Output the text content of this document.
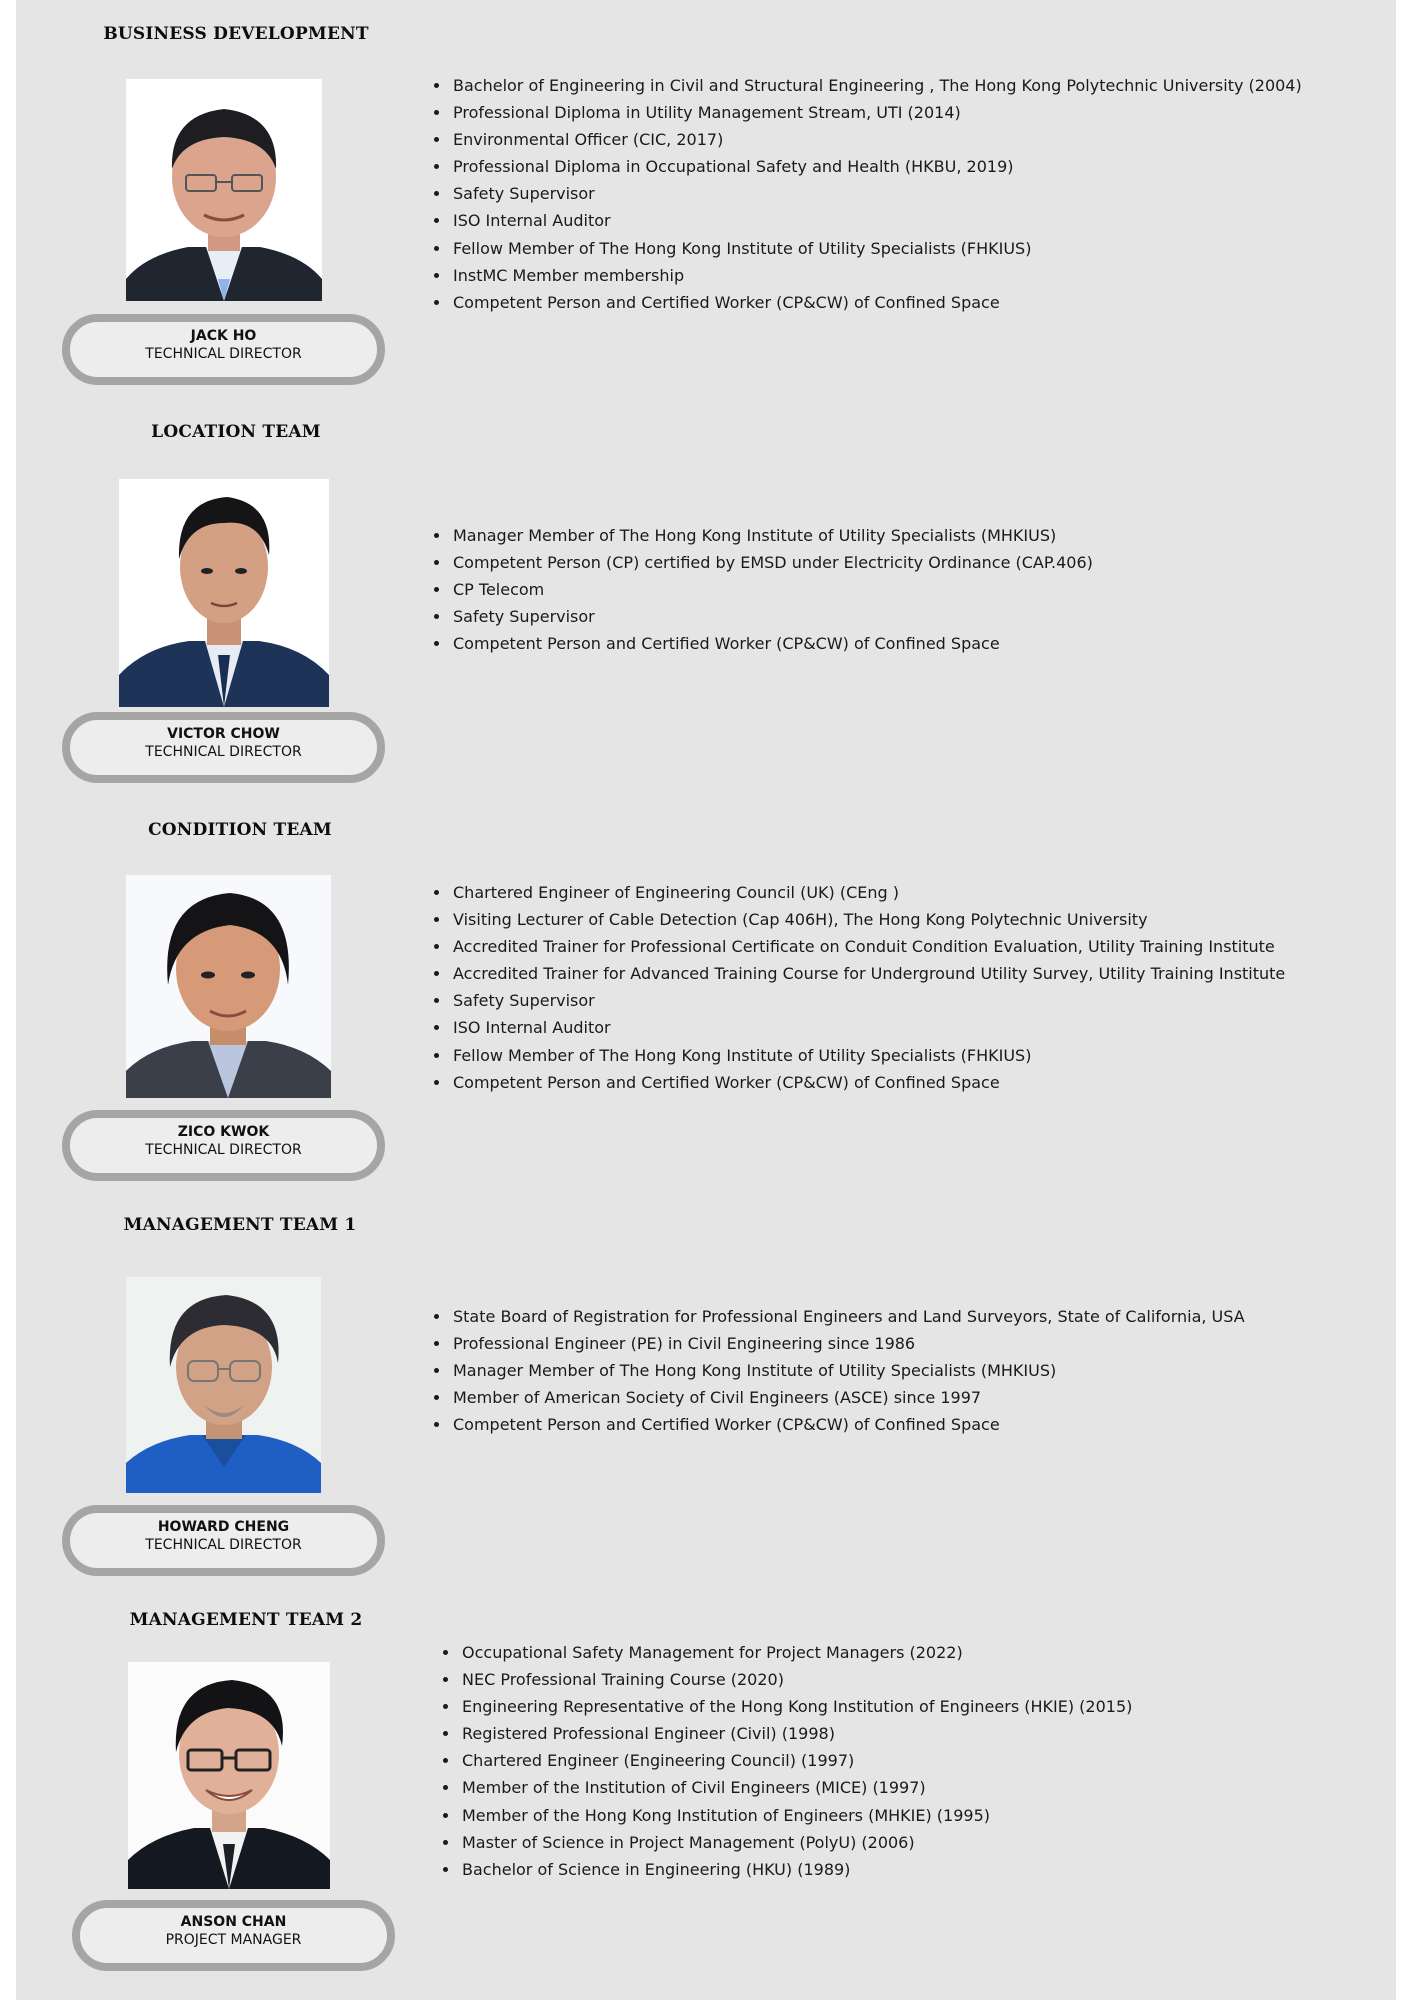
BUSINESS DEVELOPMENT
JACK HO
TECHNICAL DIRECTOR
• Bachelor of Engineering in Civil and Structural Engineering , The Hong Kong Polytechnic University (2004)
• Professional Diploma in Utility Management Stream, UTI (2014)
• Environmental Officer (CIC, 2017)
• Professional Diploma in Occupational Safety and Health (HKBU, 2019)
• Safety Supervisor
• ISO Internal Auditor
• Fellow Member of The Hong Kong Institute of Utility Specialists (FHKIUS)
• InstMC Member membership
• Competent Person and Certified Worker (CP&CW) of Confined Space
LOCATION TEAM
VICTOR CHOW
TECHNICAL DIRECTOR
• Manager Member of The Hong Kong Institute of Utility Specialists (MHKIUS)
• Competent Person (CP) certified by EMSD under Electricity Ordinance (CAP.406)
• CP Telecom
• Safety Supervisor
• Competent Person and Certified Worker (CP&CW) of Confined Space
CONDITION TEAM
ZICO KWOK
TECHNICAL DIRECTOR
• Chartered Engineer of Engineering Council (UK) (CEng )
• Visiting Lecturer of Cable Detection (Cap 406H), The Hong Kong Polytechnic University
• Accredited Trainer for Professional Certificate on Conduit Condition Evaluation, Utility Training Institute
• Accredited Trainer for Advanced Training Course for Underground Utility Survey, Utility Training Institute
• Safety Supervisor
• ISO Internal Auditor
• Fellow Member of The Hong Kong Institute of Utility Specialists (FHKIUS)
• Competent Person and Certified Worker (CP&CW) of Confined Space
MANAGEMENT TEAM 1
HOWARD CHENG
TECHNICAL DIRECTOR
• State Board of Registration for Professional Engineers and Land Surveyors, State of California, USA
• Professional Engineer (PE) in Civil Engineering since 1986
• Manager Member of The Hong Kong Institute of Utility Specialists (MHKIUS)
• Member of American Society of Civil Engineers (ASCE) since 1997
• Competent Person and Certified Worker (CP&CW) of Confined Space
MANAGEMENT TEAM 2
ANSON CHAN
PROJECT MANAGER
• Occupational Safety Management for Project Managers (2022)
• NEC Professional Training Course (2020)
• Engineering Representative of the Hong Kong Institution of Engineers (HKIE) (2015)
• Registered Professional Engineer (Civil) (1998)
• Chartered Engineer (Engineering Council) (1997)
• Member of the Institution of Civil Engineers (MICE) (1997)
• Member of the Hong Kong Institution of Engineers (MHKIE) (1995)
• Master of Science in Project Management (PolyU) (2006)
• Bachelor of Science in Engineering (HKU) (1989)
